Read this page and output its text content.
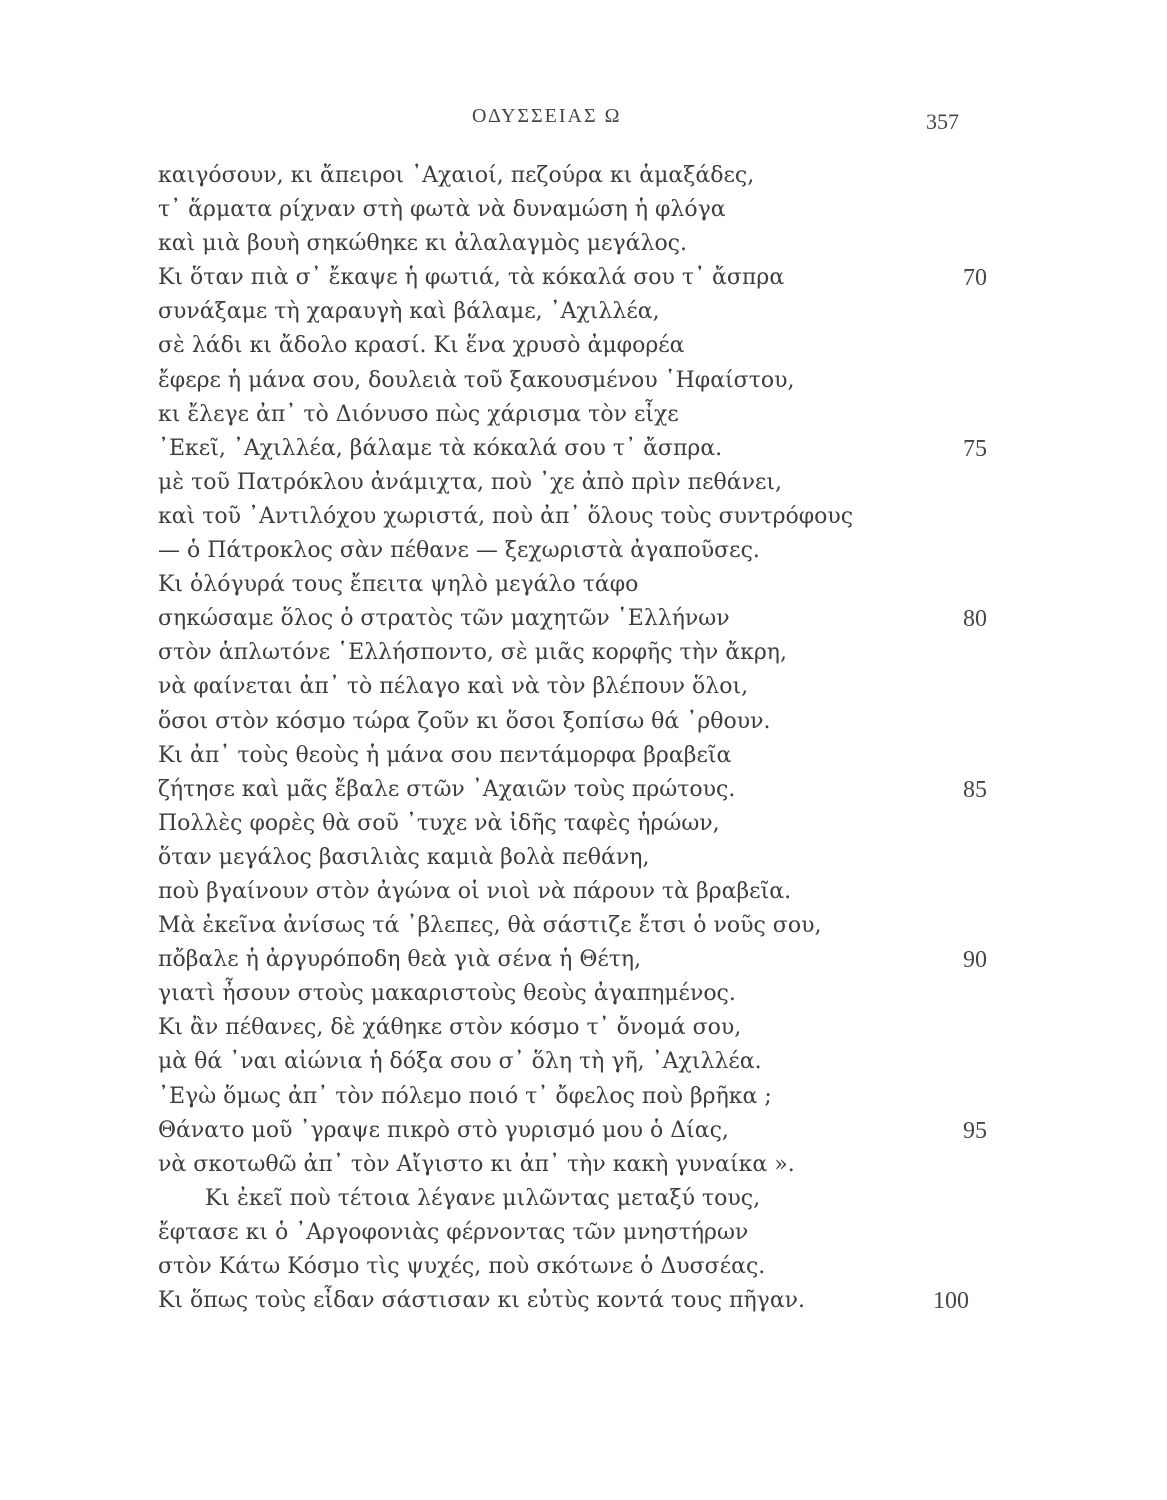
ΟΔΥΣΣΕΙΑΣ Ω	357
καιγόσουν, κι ἄπειροι ᾽Αχαιοί, πεζούρα κι ἁμαξάδες,
τ᾽ ἅρματα ρίχναν στὴ φωτὰ νὰ δυναμώση ἡ φλόγα
καὶ μιὰ βουὴ σηκώθηκε κι ἀλαλαγμὸς μεγάλος.
Κι ὅταν πιὰ σ᾽ ἔκαψε ἡ φωτιά, τὰ κόκαλά σου τ᾽ ἄσπρα	70
συνάξαμε τὴ χαραυγὴ καὶ βάλαμε, ᾽Αχιλλέα,
σὲ λάδι κι ἄδολο κρασί. Κι ἕνα χρυσὸ ἀμφορέα
ἔφερε ἡ μάνα σου, δουλειὰ τοῦ ξακουσμένου ῾Ηφαίστου,
κι ἔλεγε ἀπ᾽ τὸ Διόνυσο πὼς χάρισμα τὸν εἶχε
᾽Εκεῖ, ᾽Αχιλλέα, βάλαμε τὰ κόκαλά σου τ᾽ ἄσπρα.	75
μὲ τοῦ Πατρόκλου ἀνάμιχτα, ποὺ ᾽χε ἀπὸ πρὶν πεθάνει,
καὶ τοῦ ᾽Αντιλόχου χωριστά, ποὺ ἀπ᾽ ὅλους τοὺς συντρόφους
— ὁ Πάτροκλος σὰν πέθανε — ξεχωριστὰ ἀγαποῦσες.
Κι ὁλόγυρά τους ἔπειτα ψηλὸ μεγάλο τάφο
σηκώσαμε ὅλος ὁ στρατὸς τῶν μαχητῶν ῾Ελλήνων	80
στὸν ἁπλωτόνε ῾Ελλήσποντο, σὲ μιᾶς κορφῆς τὴν ἄκρη,
νὰ φαίνεται ἀπ᾽ τὸ πέλαγο καὶ νὰ τὸν βλέπουν ὅλοι,
ὅσοι στὸν κόσμο τώρα ζοῦν κι ὅσοι ξοπίσω θά ᾽ρθουν.
Κι ἀπ᾽ τοὺς θεοὺς ἡ μάνα σου πεντάμορφα βραβεῖα
ζήτησε καὶ μᾶς ἔβαλε στῶν ᾽Αχαιῶν τοὺς πρώτους.	85
Πολλὲς φορὲς θὰ σοῦ ᾽τυχε νὰ ἰδῆς ταφὲς ἡρώων,
ὅταν μεγάλος βασιλιὰς καμιὰ βολὰ πεθάνη,
ποὺ βγαίνουν στὸν ἀγώνα οἱ νιοὶ νὰ πάρουν τὰ βραβεῖα.
Μὰ ἐκεῖνα ἀνίσως τά ᾽βλεπες, θὰ σάστιζε ἔτσι ὁ νοῦς σου,
πὄβαλε ἡ ἀργυρόποδη θεὰ γιὰ σένα ἡ Θέτη,	90
γιατὶ ἦσουν στοὺς μακαριστοὺς θεοὺς ἀγαπημένος.
Κι ἂν πέθανες, δὲ χάθηκε στὸν κόσμο τ᾽ ὄνομά σου,
μὰ θά ᾽ναι αἰώνια ἡ δόξα σου σ᾽ ὅλη τὴ γῆ, ᾽Αχιλλέα.
᾽Εγὼ ὅμως ἀπ᾽ τὸν πόλεμο ποιό τ᾽ ὄφελος ποὺ βρῆκα ;
Θάνατο μοῦ ᾽γραψε πικρὸ στὸ γυρισμό μου ὁ Δίας,	95
νὰ σκοτωθῶ ἀπ᾽ τὸν Αἴγιστο κι ἀπ᾽ τὴν κακὴ γυναίκα ».
Κι ἐκεῖ ποὺ τέτοια λέγανε μιλῶντας μεταξύ τους,
ἔφτασε κι ὁ ᾽Αργοφονιὰς φέρνοντας τῶν μνηστήρων
στὸν Κάτω Κόσμο τὶς ψυχές, ποὺ σκότωνε ὁ Δυσσέας.
Κι ὅπως τοὺς εἶδαν σάστισαν κι εὐτὺς κοντά τους πῆγαν.	100
